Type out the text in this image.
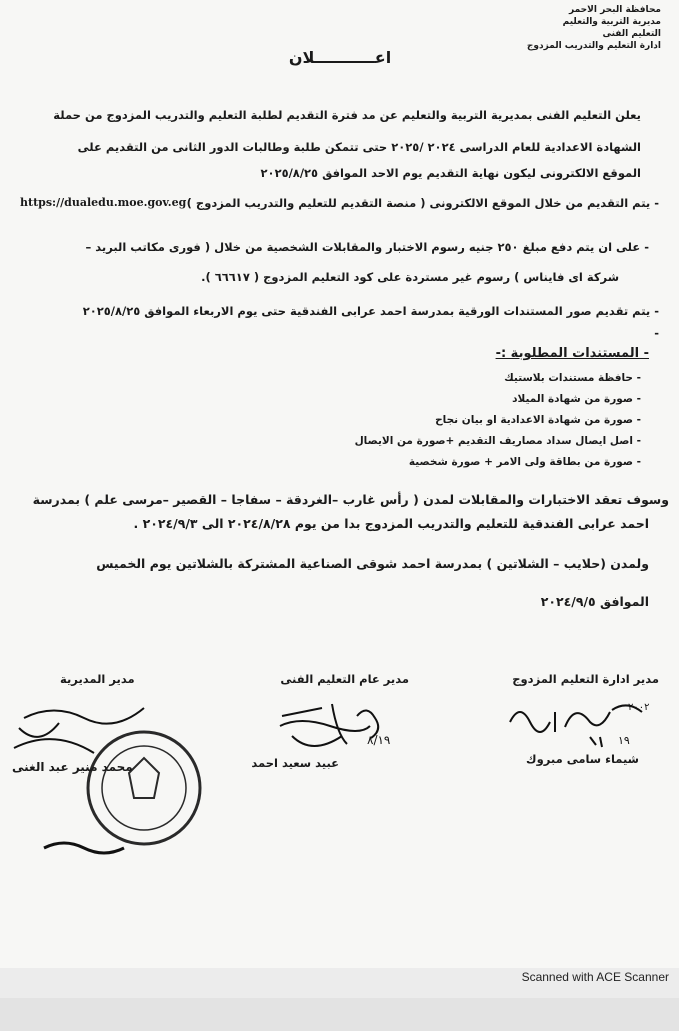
محافظة البحر الاحمر
مديرية التربية والتعليم
التعليم الفنى
ادارة التعليم والتدريب المزدوج
اعـــــــــــلان
يعلن التعليم الفنى بمديرية التربية والتعليم عن مد فترة التقديم لطلبة التعليم والتدريب المزدوج من حملة
الشهادة الاعدادية للعام الدراسى ٢٠٢٤ /٢٠٢٥ حتى تتمكن طلبة وطالبات الدور الثانى من التقديم على
الموقع الالكترونى ليكون نهاية التقديم يوم الاحد الموافق ٢٠٢٥/٨/٢٥
- يتم التقديم من خلال الموقع الالكترونى ( منصة التقديم للتعليم والتدريب المزدوج )
https://dualedu.moe.gov.eg
- على ان يتم دفع مبلغ ٢٥٠ جنيه رسوم الاختبار والمقابلات الشخصية من خلال ( فورى مكاتب البريد –
شركة اى فايناس ) رسوم غير مستردة على كود التعليم المزدوج ( ٦٦٦١٧ ).
- يتم تقديم صور المستندات الورقية بمدرسة احمد عرابى الفندقية حتى يوم الاربعاء الموافق ٢٠٢٥/٨/٢٥
-
- المستندات المطلوبة :-
- حافظة مستندات بلاستيك
- صورة من شهادة الميلاد
- صورة من شهادة الاعدادية او بيان نجاح
- اصل ايصال سداد مصاريف التقديم +صورة من الايصال
- صورة من بطاقة ولى الامر + صورة شخصية
وسوف تعقد الاختبارات والمقابلات لمدن ( رأس غارب –الغردقة – سفاجا – القصير –مرسى علم ) بمدرسة
احمد عرابى الفندقية للتعليم والتدريب المزدوج بدا من يوم ٢٠٢٤/٨/٢٨ الى ٢٠٢٤/٩/٣ .
ولمدن (حلايب – الشلاتين ) بمدرسة احمد شوقى الصناعية المشتركة بالشلاتين يوم الخميس
الموافق ٢٠٢٤/٩/٥
مدير ادارة التعليم المزدوج
مدير عام التعليم الفنى
مدير المديرية
٢٠٠٢
١٩
شيماء سامى مبروك
٨/١٩
عبيد سعيد احمد
محمد منير عبد الغنى
Scanned with ACE Scanner
